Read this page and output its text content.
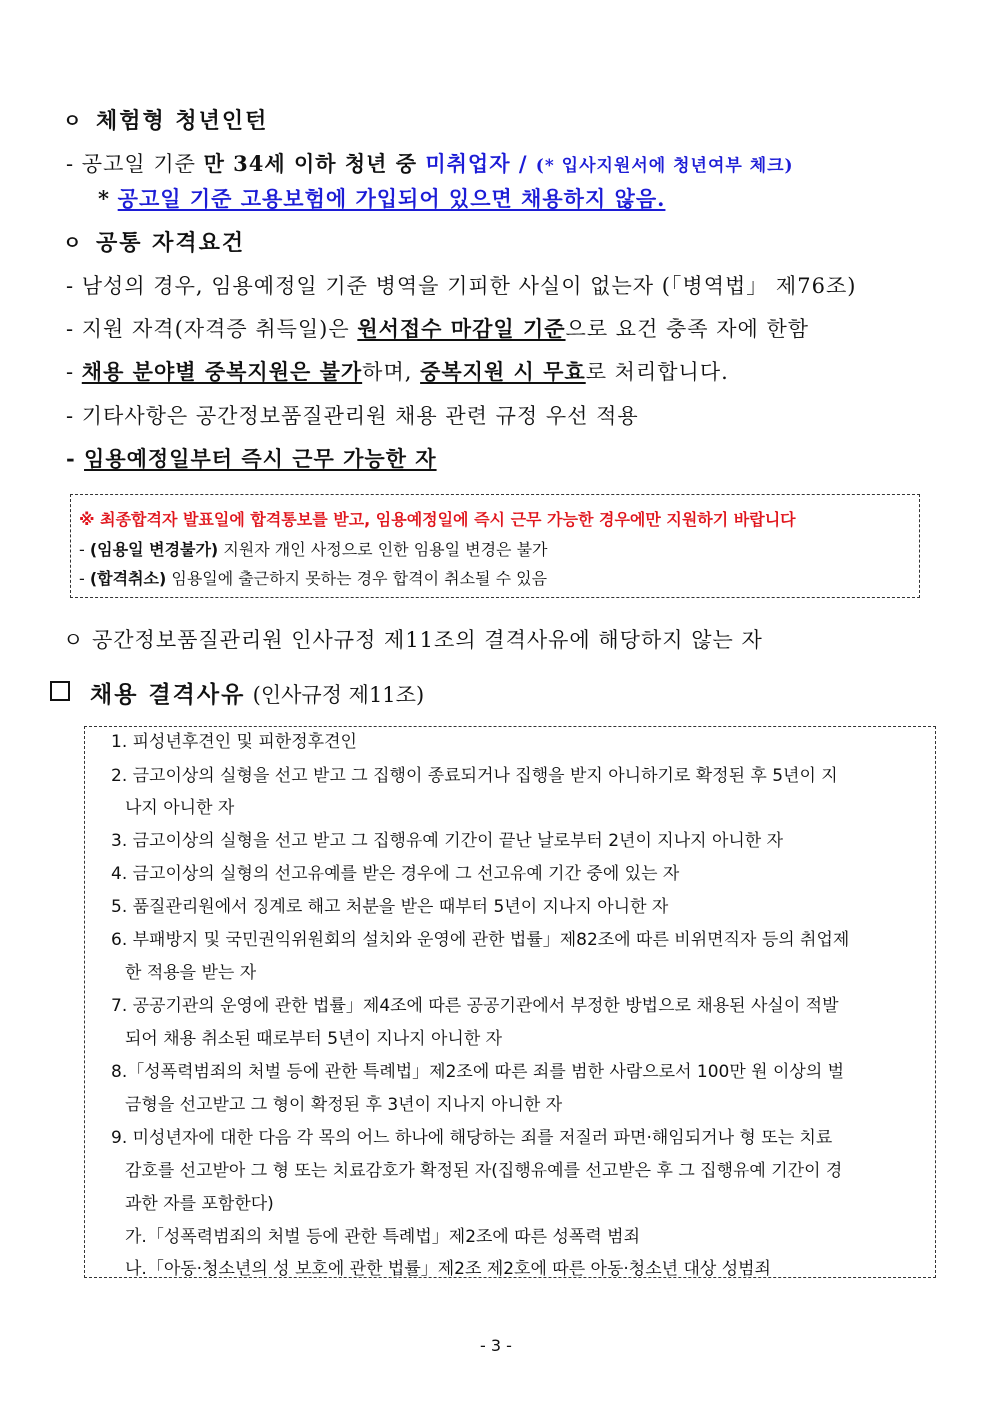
ㅇ 체험형 청년인턴
- 공고일 기준 만 34세 이하 청년 중 미취업자 / (* 입사지원서에 청년여부 체크)
* 공고일 기준 고용보험에 가입되어 있으면 채용하지 않음.
ㅇ 공통 자격요건
- 남성의 경우, 임용예정일 기준 병역을 기피한 사실이 없는자 (「병역법」 제76조)
- 지원 자격(자격증 취득일)은 원서접수 마감일 기준으로 요건 충족 자에 한함
- 채용 분야별 중복지원은 불가하며, 중복지원 시 무효로 처리합니다.
- 기타사항은 공간정보품질관리원 채용 관련 규정 우선 적용
- 임용예정일부터 즉시 근무 가능한 자
※ 최종합격자 발표일에 합격통보를 받고, 임용예정일에 즉시 근무 가능한 경우에만 지원하기 바랍니다
- (임용일 변경불가) 지원자 개인 사정으로 인한 임용일 변경은 불가
- (합격취소) 임용일에 출근하지 못하는 경우 합격이 취소될 수 있음
ㅇ 공간정보품질관리원 인사규정 제11조의 결격사유에 해당하지 않는 자
채용 결격사유 (인사규정 제11조)
1. 피성년후견인 및 피한정후견인
2. 금고이상의 실형을 선고 받고 그 집행이 종료되거나 집행을 받지 아니하기로 확정된 후 5년이 지
나지 아니한 자
3. 금고이상의 실형을 선고 받고 그 집행유예 기간이 끝난 날로부터 2년이 지나지 아니한 자
4. 금고이상의 실형의 선고유예를 받은 경우에 그 선고유예 기간 중에 있는 자
5. 품질관리원에서 징계로 해고 처분을 받은 때부터 5년이 지나지 아니한 자
6. 부패방지 및 국민권익위원회의 설치와 운영에 관한 법률」제82조에 따른 비위면직자 등의 취업제
한 적용을 받는 자
7. 공공기관의 운영에 관한 법률」제4조에 따른 공공기관에서 부정한 방법으로 채용된 사실이 적발
되어 채용 취소된 때로부터 5년이 지나지 아니한 자
8.「성폭력범죄의 처벌 등에 관한 특례법」제2조에 따른 죄를 범한 사람으로서 100만 원 이상의 벌
금형을 선고받고 그 형이 확정된 후 3년이 지나지 아니한 자
9. 미성년자에 대한 다음 각 목의 어느 하나에 해당하는 죄를 저질러 파면·해임되거나 형 또는 치료
감호를 선고받아 그 형 또는 치료감호가 확정된 자(집행유예를 선고받은 후 그 집행유예 기간이 경
과한 자를 포함한다)
가.「성폭력범죄의 처벌 등에 관한 특례법」제2조에 따른 성폭력 범죄
나.「아동·청소년의 성 보호에 관한 법률」제2조 제2호에 따른 아동·청소년 대상 성범죄
- 3 -
